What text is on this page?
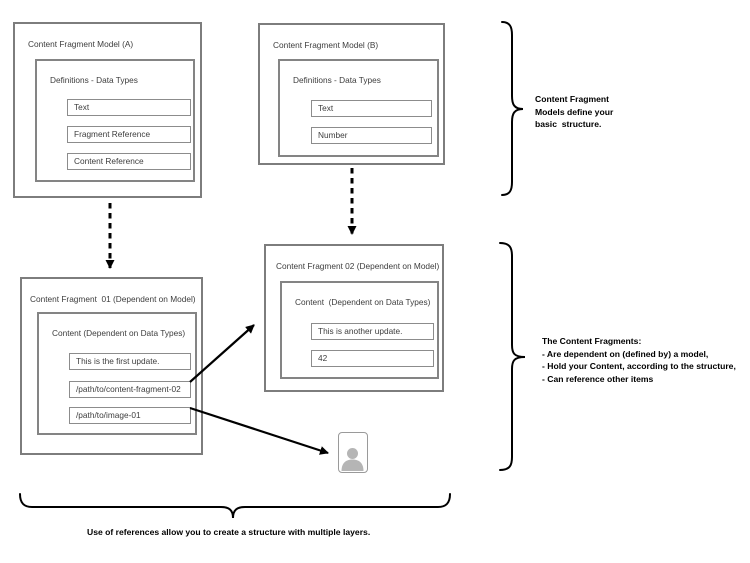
Content Fragment Model (A)
Definitions - Data Types
Text
Fragment Reference
Content Reference
Content Fragment Model (B)
Definitions - Data Types
Text
Number
Content Fragment  01 (Dependent on Model)
Content (Dependent on Data Types)
This is the first update.
/path/to/content-fragment-02
/path/to/image-01
Content Fragment 02 (Dependent on Model)
Content  (Dependent on Data Types)
This is another update.
42
Content Fragment
Models define your
basic  structure.
The Content Fragments:
- Are dependent on (defined by) a model,
- Hold your Content, according to the structure,
- Can reference other items
Use of references allow you to create a structure with multiple layers.
